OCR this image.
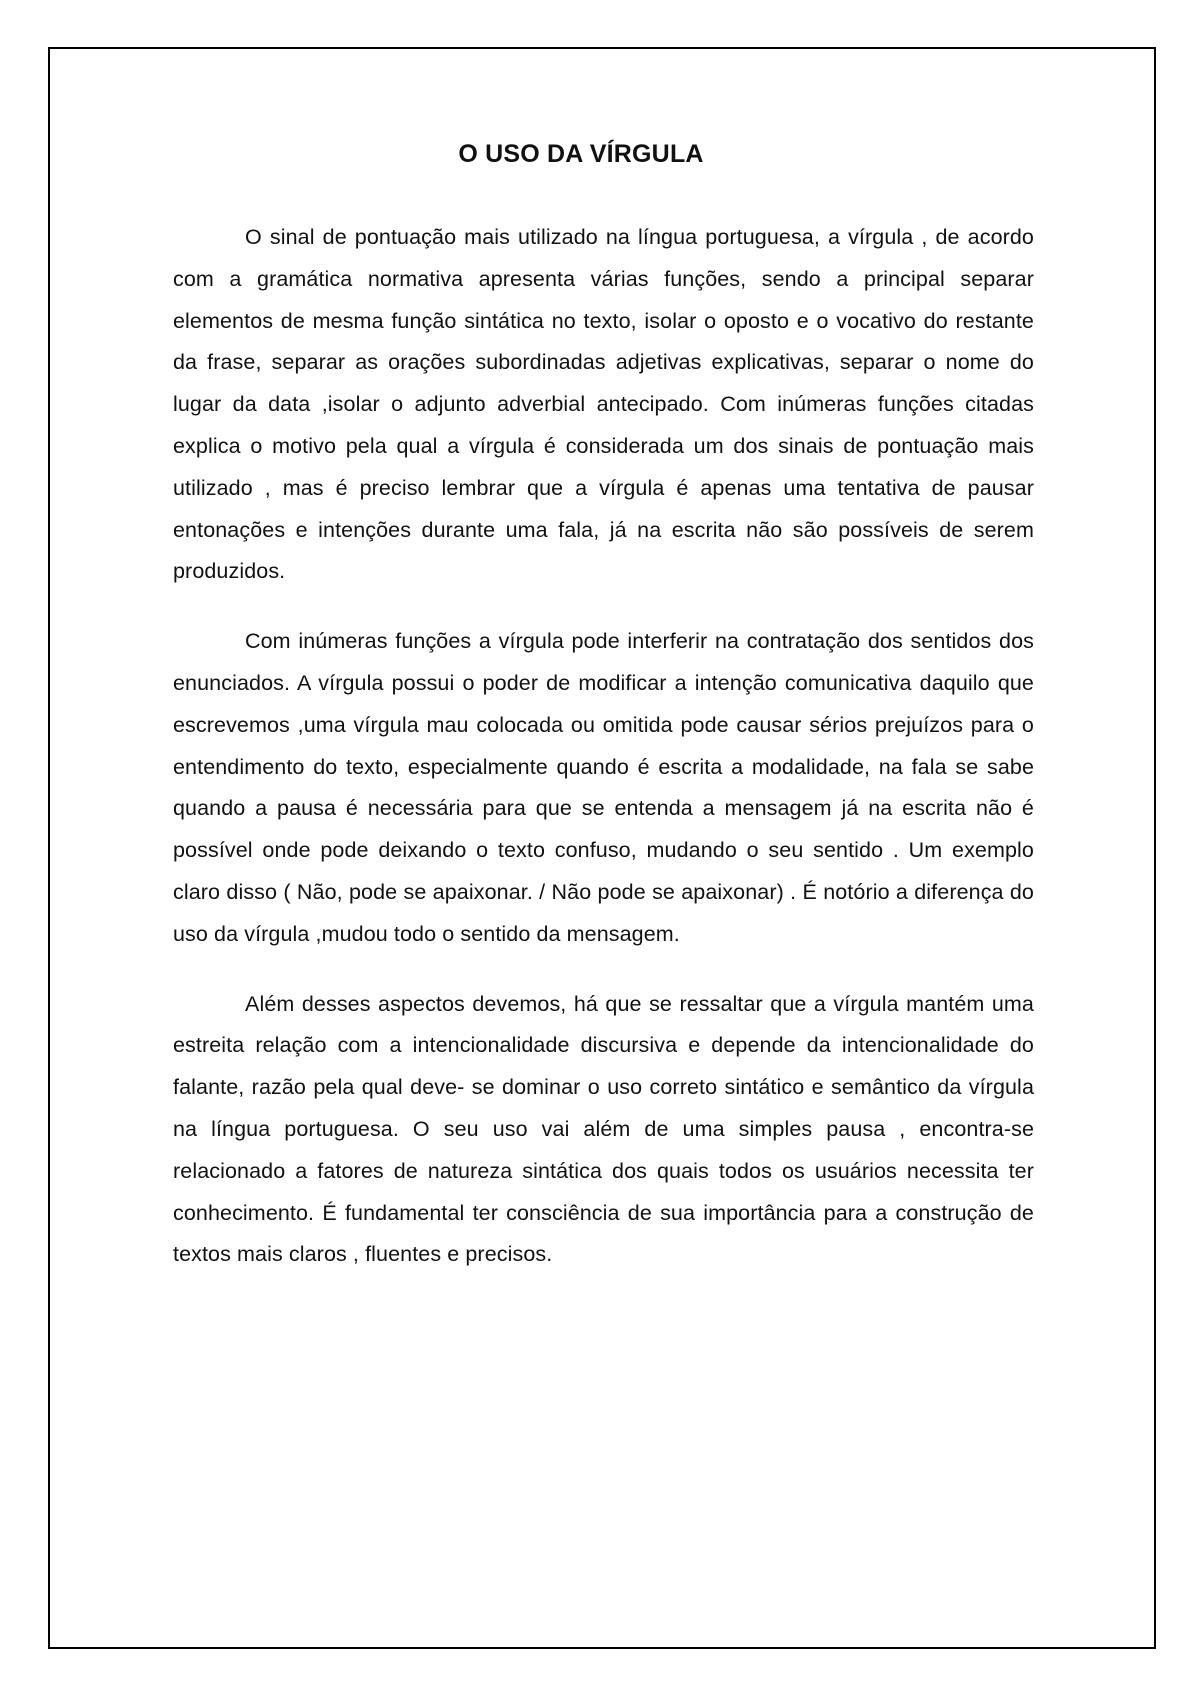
O USO DA VÍRGULA

O sinal de pontuação mais utilizado na língua portuguesa, a vírgula , de acordo com a gramática normativa apresenta várias funções, sendo a principal separar elementos de mesma função sintática no texto, isolar o oposto e o vocativo do restante da frase, separar as orações subordinadas adjetivas explicativas, separar o nome do lugar da data ,isolar o adjunto adverbial antecipado. Com inúmeras funções citadas explica o motivo pela qual a vírgula é considerada um dos sinais de pontuação mais utilizado , mas é preciso lembrar que a vírgula é apenas uma tentativa de pausar entonações e intenções durante uma fala, já na escrita não são possíveis de serem produzidos.

Com inúmeras funções a vírgula pode interferir na contratação dos sentidos dos enunciados. A vírgula possui o poder de modificar a intenção comunicativa daquilo que escrevemos ,uma vírgula mau colocada ou omitida pode causar sérios prejuízos para o entendimento do texto, especialmente quando é escrita a modalidade, na fala se sabe quando a pausa é necessária para que se entenda a mensagem já na escrita não é possível onde pode deixando o texto confuso, mudando o seu sentido . Um exemplo claro disso ( Não, pode se apaixonar. / Não pode se apaixonar) . É notório a diferença do uso da vírgula ,mudou todo o sentido da mensagem.

Além desses aspectos devemos, há que se ressaltar que a vírgula mantém uma estreita relação com a intencionalidade discursiva e depende da intencionalidade do falante, razão pela qual deve- se dominar o uso correto sintático e semântico da vírgula na língua portuguesa. O seu uso vai além de uma simples pausa , encontra-se relacionado a fatores de natureza sintática dos quais todos os usuários necessita ter conhecimento. É fundamental ter consciência de sua importância para a construção de textos mais claros , fluentes e precisos.
